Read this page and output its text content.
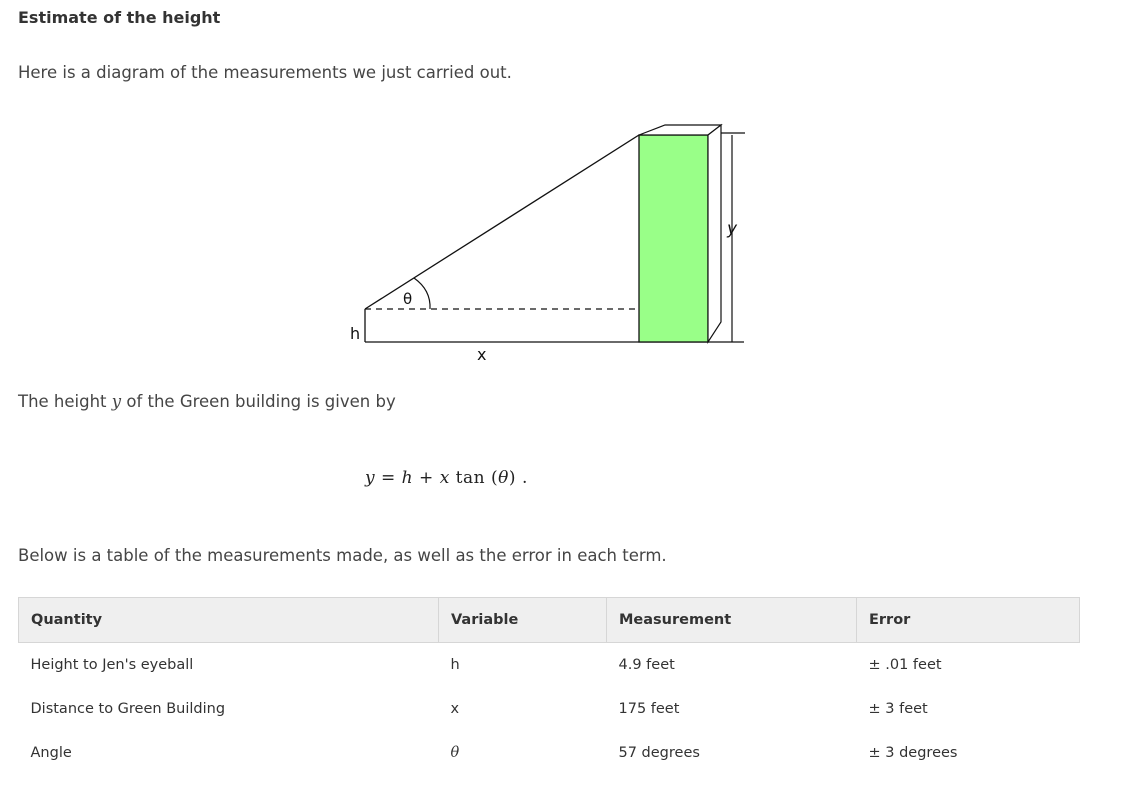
Estimate of the height
Here is a diagram of the measurements we just carried out.
θ
h
x
y
The height y of the Green building is given by
y = h + x tan (θ) .
Below is a table of the measurements made, as well as the error in each term.
Quantity	Variable	Measurement	Error
Height to Jen's eyeball	h	4.9 feet	± .01 feet
Distance to Green Building	x	175 feet	± 3 feet
Angle	θ	57 degrees	± 3 degrees
